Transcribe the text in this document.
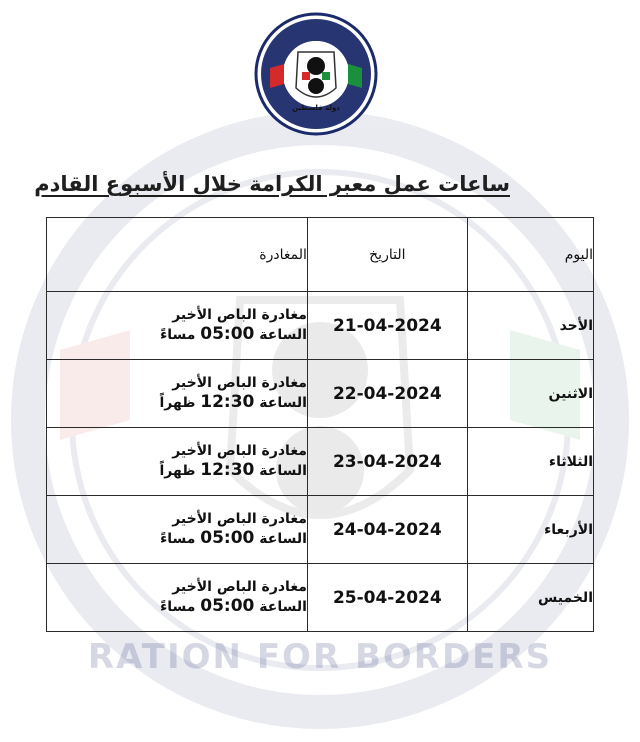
RATION FOR BORDERS
دولة فلسطين
ساعات عمل معبر الكرامة خلال الأسبوع القادم
اليوم	التاريخ	المغادرة
الأحد	21-04-2024	مغادرة الباص الأخير
الساعة 05:00 مساءً

الاثنين	22-04-2024	مغادرة الباص الأخير
الساعة 12:30 ظهراً

الثلاثاء	23-04-2024	مغادرة الباص الأخير
الساعة 12:30 ظهراً

الأربعاء	24-04-2024	مغادرة الباص الأخير
الساعة 05:00 مساءً

الخميس	25-04-2024	مغادرة الباص الأخير
الساعة 05:00 مساءً
